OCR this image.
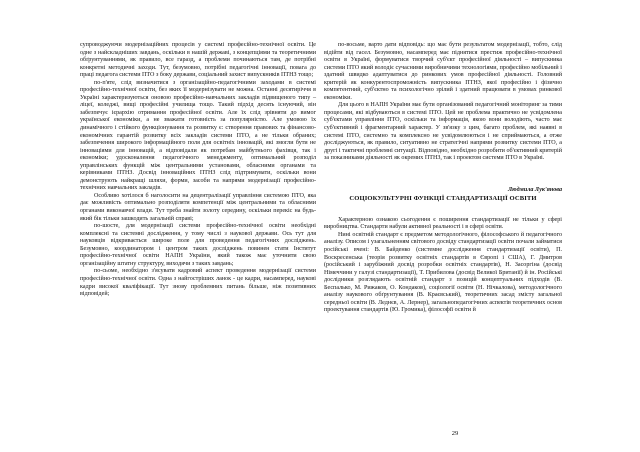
супроводжуючи модернізаційних процесів у системі професійно-технічної освіти. Це одне з найскладніших завдань, оскільки в нашій державі, з концепціями та теоретичними обґрунтуваннями, як правило, все гаразд, а проблеми починаються там, де потрібні конкретні методичні заходи. Тут, безумовно, потрібні педагогічні інновації, повага до праці педагога системи ПТО з боку держави, соціальний захист випускників ПТНЗ тощо;

по-п'яте, слід визначитися з організаційно-педагогічними заходами в системі професійно-технічної освіти, без яких її модернізувати не можна. Останні десятиріччя в Україні характеризуються оновою професійно-навчальних закладів підвищеного типу – ліцеї, коледжі, вищі професійні училища тощо. Такий підхід десять існуючий, він забезпечує ієрархію отримання професійної освіти. Але їх слід зрівняти до вимог української економіки, а не зважати готовність за популярністю. Але умовою їх динамічного і стійкого функціонування та розвитку є: створення правових та фінансово-економічних гарантій розвитку всіх закладів системи ПТО, а не тільки обраних; забезпечення широкого інформаційного поля для освітніх інновацій, які змогли бути не інноваціями для інновацій, а відповідали як потребам майбутнього фахівця, так і економіки; удосконалення педагогічного менеджменту, оптимальний розподіл управлінських функцій між центральними установами, обласними органами та керівниками ПТНЗ. Досвід інноваційних ПТНЗ слід підтримувати, оскільки вони демонструють найкращі шляхи, форми, засоби та напрями модернізації професійно-технічних навчальних закладів.

Особливо хотілося б наголосити на децентралізації управління системою ПТО, яка дає можливість оптимально розподіляти компетенції між центральними та обласними органами виконавчої влади. Тут треба знайти золоту середину, оскільки перекіс на будь-який бік тільки зашкодить загальній справі;

по-шосте, для модернізації системи професійно-технічної освіти необхідні комплексні та системні дослідження, у тому числі з наукової держави. Ось тут для науковців відкривається широке поле для проведення педагогічних досліджень. Безумовно, координатором і центром таких досліджень повинен стати Інститут професійно-технічної освіти НАПН України, який також має уточнити свою організаційну штатну структуру, виходячи з таких завдань;

по-сьоме, необхідно з'ясувати кадровий аспект проведення модернізації системи професійно-технічної освіти. Одна з найгостріших ланок - це кадри, насамперед, наукові кадри високої кваліфікації. Тут знову проблемних питань більше, ніж позитивних відповідей;

по-восьме, варто дати відповідь: що має бути результатом модернізації, тобто, слід відійти від гасел. Безумовно, насамперед має піднятися престиж професійно-технічної освіти в Україні, формуватися творчий суб'єкт професійної діяльності – випускника системи ПТО який володіє сучасними виробничими технологіями, професійно мобільний і здатний швидко адаптуватися до ринкових умов професійної діяльності. Головний критерій як конкурентоспроможність випускника ПТНЗ, якої професійно і фізично компетентний, суб'єктно та психологічно зрілий і здатний працювати в умовах ринкової економіки.

Для цього в НАПН України має бути організований педагогічний моніторинг за тими процесами, які відбуваються в системі ПТО. Цей не проблема практично не усвідомлена суб'єктами управління ПТО, оскільки та інформація, якою вони володіють, часто має суб'єктивний і фрагментарний характер. У зв'язку з цим, багато проблем, які наявні в системі ПТО, системно та комплексно не усвідомлюються і не сприймаються, а отже досліджуються, як правило, ситуативно не стратегічні напрями розвитку системи ПТО, а другі і тактичні проблемні ситуації. Відповідно, необхідно розробити об'єктивний критерій за показниками діяльності як окремих ПТНЗ, так і проектом системи ПТО в Україні.

Людмила Лук'янова
СОЦІОКУЛЬТУРНІ ФУНКЦІЇ СТАНДАРТИЗАЦІЇ ОСВІТИ

Характерною ознакою сьогодення є поширення стандартизації не тільки у сфері виробництва. Стандарти набули активної реальності і в сфері освіти.

Нині освітній стандарт є предметом методологічного, філософського й педагогічного аналізу. Описом і узагальненням світового досвіду стандартизації освіти почали займатися російські вчені: В. Байденко (системне дослідження стандартизації освіти), П. Воскресенська (теорія розвитку освітніх стандартів в Європі і США), Г. Дмитров (російський і зарубіжний досвід розробки освітніх стандартів), Н. Засоргіна (досвід Німеччини у галузі стандартизації), Т. Прибилова (досвід Великої Британії) й ін. Російські дослідники розглядають освітній стандарт з позицій концептуальних підходів (В. Беспалько, М. Рижаков, О. Кондаков), соціології освіти (Н. Нічкалова), методологічного аналізу наукового обґрунтування (В. Краєвський), теоретичних засад змісту загальної середньої освіти (В. Леднєв, А. Лернер), загальнопедагогічних аспектів теоретичних основ проектування стандартів (Ю. Громика), філософії освіти й

29
